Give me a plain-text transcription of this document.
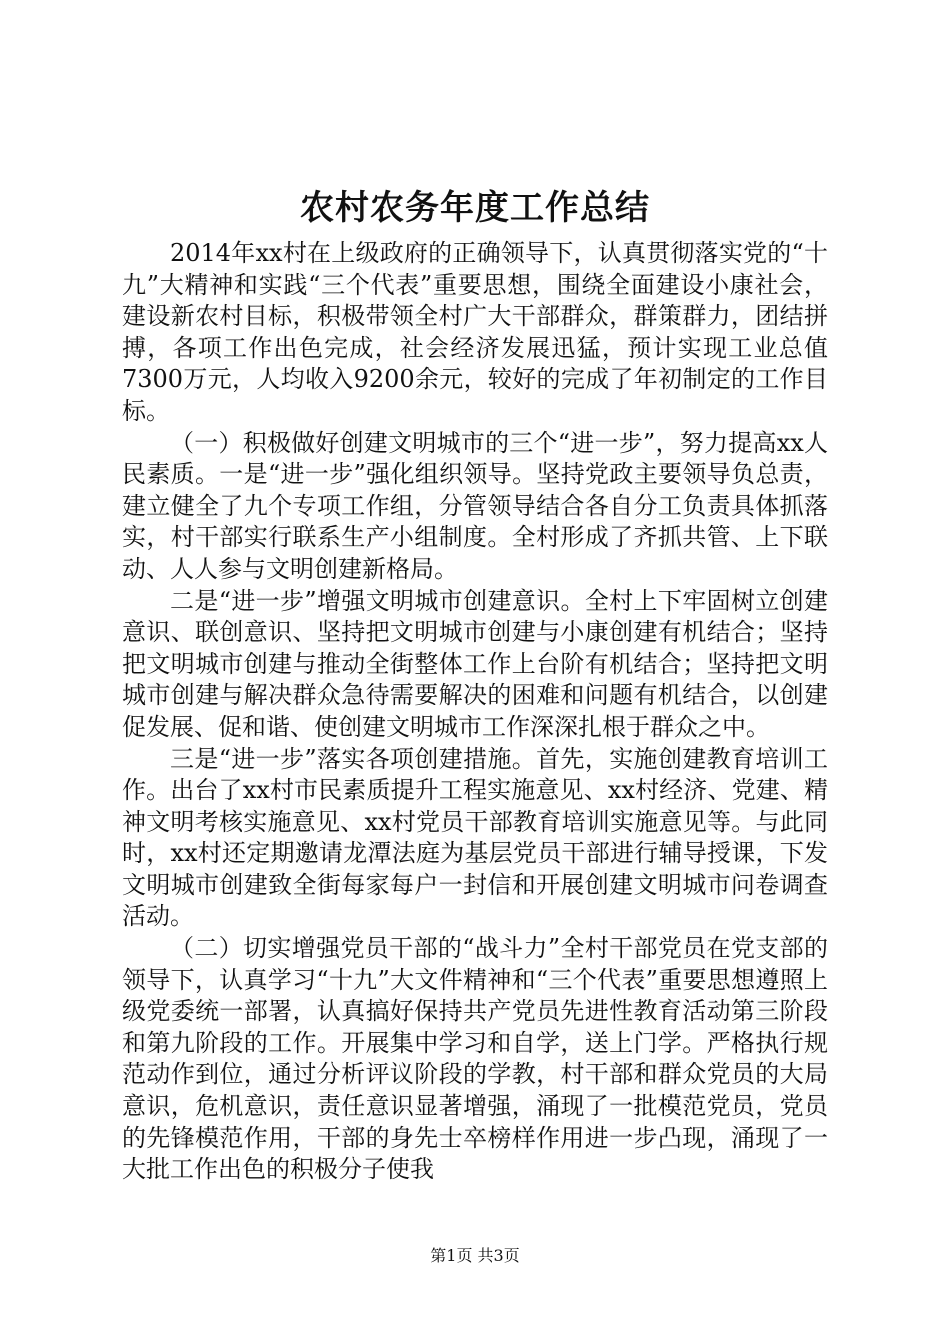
农村农务年度工作总结

2014年xx村在上级政府的正确领导下，认真贯彻落实党的“十九”大精神和实践“三个代表”重要思想，围绕全面建设小康社会，建设新农村目标，积极带领全村广大干部群众，群策群力，团结拼搏，各项工作出色完成，社会经济发展迅猛，预计实现工业总值7300万元，人均收入9200余元，较好的完成了年初制定的工作目标。

（一）积极做好创建文明城市的三个“进一步”，努力提高xx人民素质。一是“进一步”强化组织领导。坚持党政主要领导负总责，建立健全了九个专项工作组，分管领导结合各自分工负责具体抓落实，村干部实行联系生产小组制度。全村形成了齐抓共管、上下联动、人人参与文明创建新格局。

二是“进一步”增强文明城市创建意识。全村上下牢固树立创建意识、联创意识、坚持把文明城市创建与小康创建有机结合；坚持把文明城市创建与推动全街整体工作上台阶有机结合；坚持把文明城市创建与解决群众急待需要解决的困难和问题有机结合，以创建促发展、促和谐、使创建文明城市工作深深扎根于群众之中。

三是“进一步”落实各项创建措施。首先，实施创建教育培训工作。出台了xx村市民素质提升工程实施意见、xx村经济、党建、精神文明考核实施意见、xx村党员干部教育培训实施意见等。与此同时，xx村还定期邀请龙潭法庭为基层党员干部进行辅导授课，下发文明城市创建致全街每家每户一封信和开展创建文明城市问卷调查活动。

（二）切实增强党员干部的“战斗力”全村干部党员在党支部的领导下，认真学习“十九”大文件精神和“三个代表”重要思想遵照上级党委统一部署，认真搞好保持共产党员先进性教育活动第三阶段和第九阶段的工作。开展集中学习和自学，送上门学。严格执行规范动作到位，通过分析评议阶段的学教，村干部和群众党员的大局意识，危机意识，责任意识显著增强，涌现了一批模范党员，党员的先锋模范作用，干部的身先士卒榜样作用进一步凸现，涌现了一大批工作出色的积极分子使我

第1页 共3页
